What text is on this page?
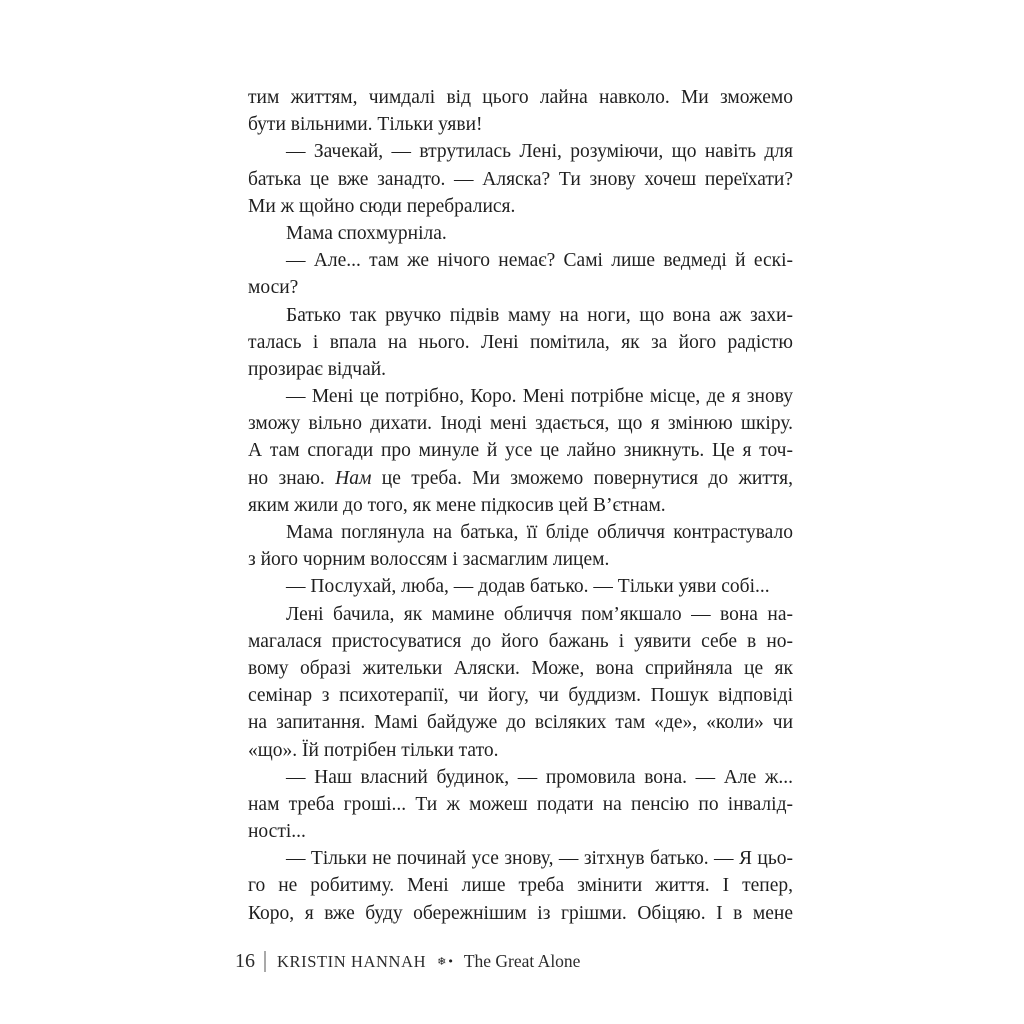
тим життям, чимдалі від цього лайна навколо. Ми зможемо
бути вільними. Тільки уяви!
— Зачекай, — втрутилась Лені, розуміючи, що навіть для
батька це вже занадто. — Аляска? Ти знову хочеш переїхати?
Ми ж щойно сюди перебралися.
Мама спохмурніла.
— Але... там же нічого немає? Самі лише ведмеді й ескі-
моси?
Батько так рвучко підвів маму на ноги, що вона аж захи-
талась і впала на нього. Лені помітила, як за його радістю
прозирає відчай.
— Мені це потрібно, Коро. Мені потрібне місце, де я знову
зможу вільно дихати. Іноді мені здається, що я змінюю шкіру.
А там спогади про минуле й усе це лайно зникнуть. Це я точ-
но знаю. Нам це треба. Ми зможемо повернутися до життя,
яким жили до того, як мене підкосив цей В’єтнам.
Мама поглянула на батька, її бліде обличчя контрастувало
з його чорним волоссям і засмаглим лицем.
— Послухай, люба, — додав батько. — Тільки уяви собі...
Лені бачила, як мамине обличчя пом’якшало — вона на-
магалася пристосуватися до його бажань і уявити себе в но-
вому образі жительки Аляски. Може, вона сприйняла це як
семінар з психотерапії, чи йогу, чи буддизм. Пошук відповіді
на запитання. Мамі байдуже до всіляких там «де», «коли» чи
«що». Їй потрібен тільки тато.
— Наш власний будинок, — промовила вона. — Але ж...
нам треба гроші... Ти ж можеш подати на пенсію по інвалід-
ності...
— Тільки не починай усе знову, — зітхнув батько. — Я цьо-
го не робитиму. Мені лише треба змінити життя. І тепер,
Коро, я вже буду обережнішим із грішми. Обіцяю. І в мене
16 KRISTIN HANNAH ❄• The Great Alone
